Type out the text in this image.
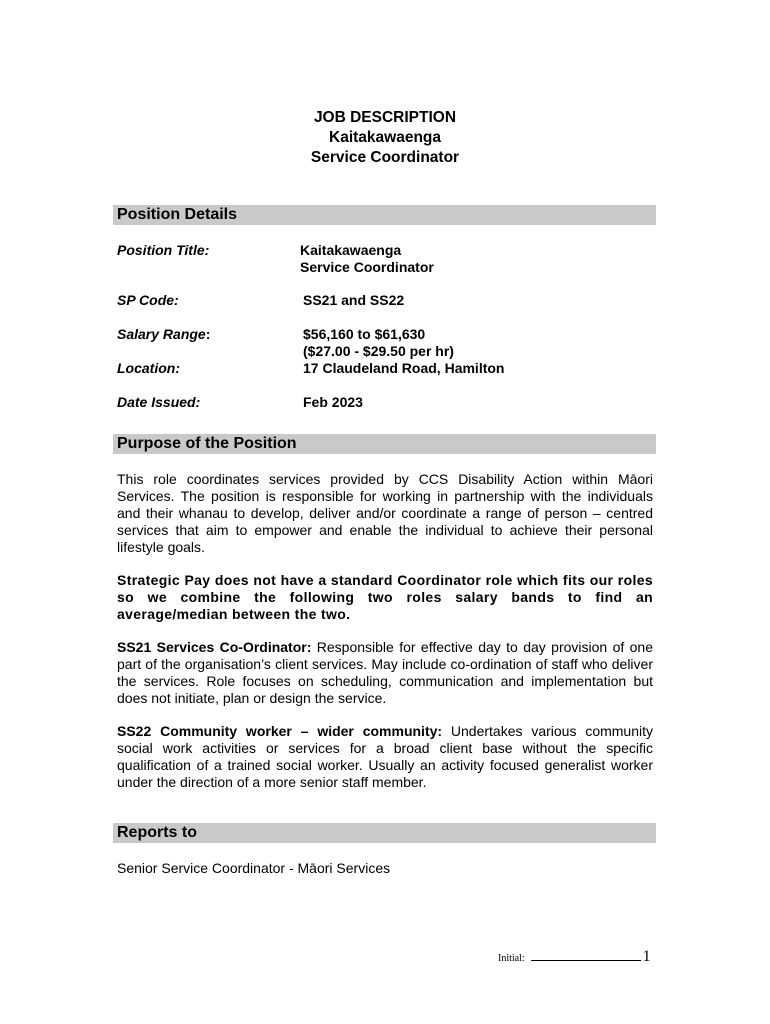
JOB DESCRIPTION
Kaitakawaenga
Service Coordinator
Position Details
Position Title:	Kaitakawaenga
Service Coordinator
SP Code:	SS21 and SS22
Salary Range:	$56,160 to $61,630
($27.00 - $29.50 per hr)
Location:	17 Claudeland Road, Hamilton
Date Issued:	Feb 2023
Purpose of the Position
This role coordinates services provided by CCS Disability Action within Māori Services. The position is responsible for working in partnership with the individuals and their whanau to develop, deliver and/or coordinate a range of person – centred services that aim to empower and enable the individual to achieve their personal lifestyle goals.
Strategic Pay does not have a standard Coordinator role which fits our roles so we combine the following two roles salary bands to find an average/median between the two.
SS21 Services Co-Ordinator: Responsible for effective day to day provision of one part of the organisation’s client services. May include co-ordination of staff who deliver the services. Role focuses on scheduling, communication and implementation but does not initiate, plan or design the service.
SS22 Community worker – wider community: Undertakes various community social work activities or services for a broad client base without the specific qualification of a trained social worker. Usually an activity focused generalist worker under the direction of a more senior staff member.
Reports to
Senior Service Coordinator - Māori Services
Initial:	1
